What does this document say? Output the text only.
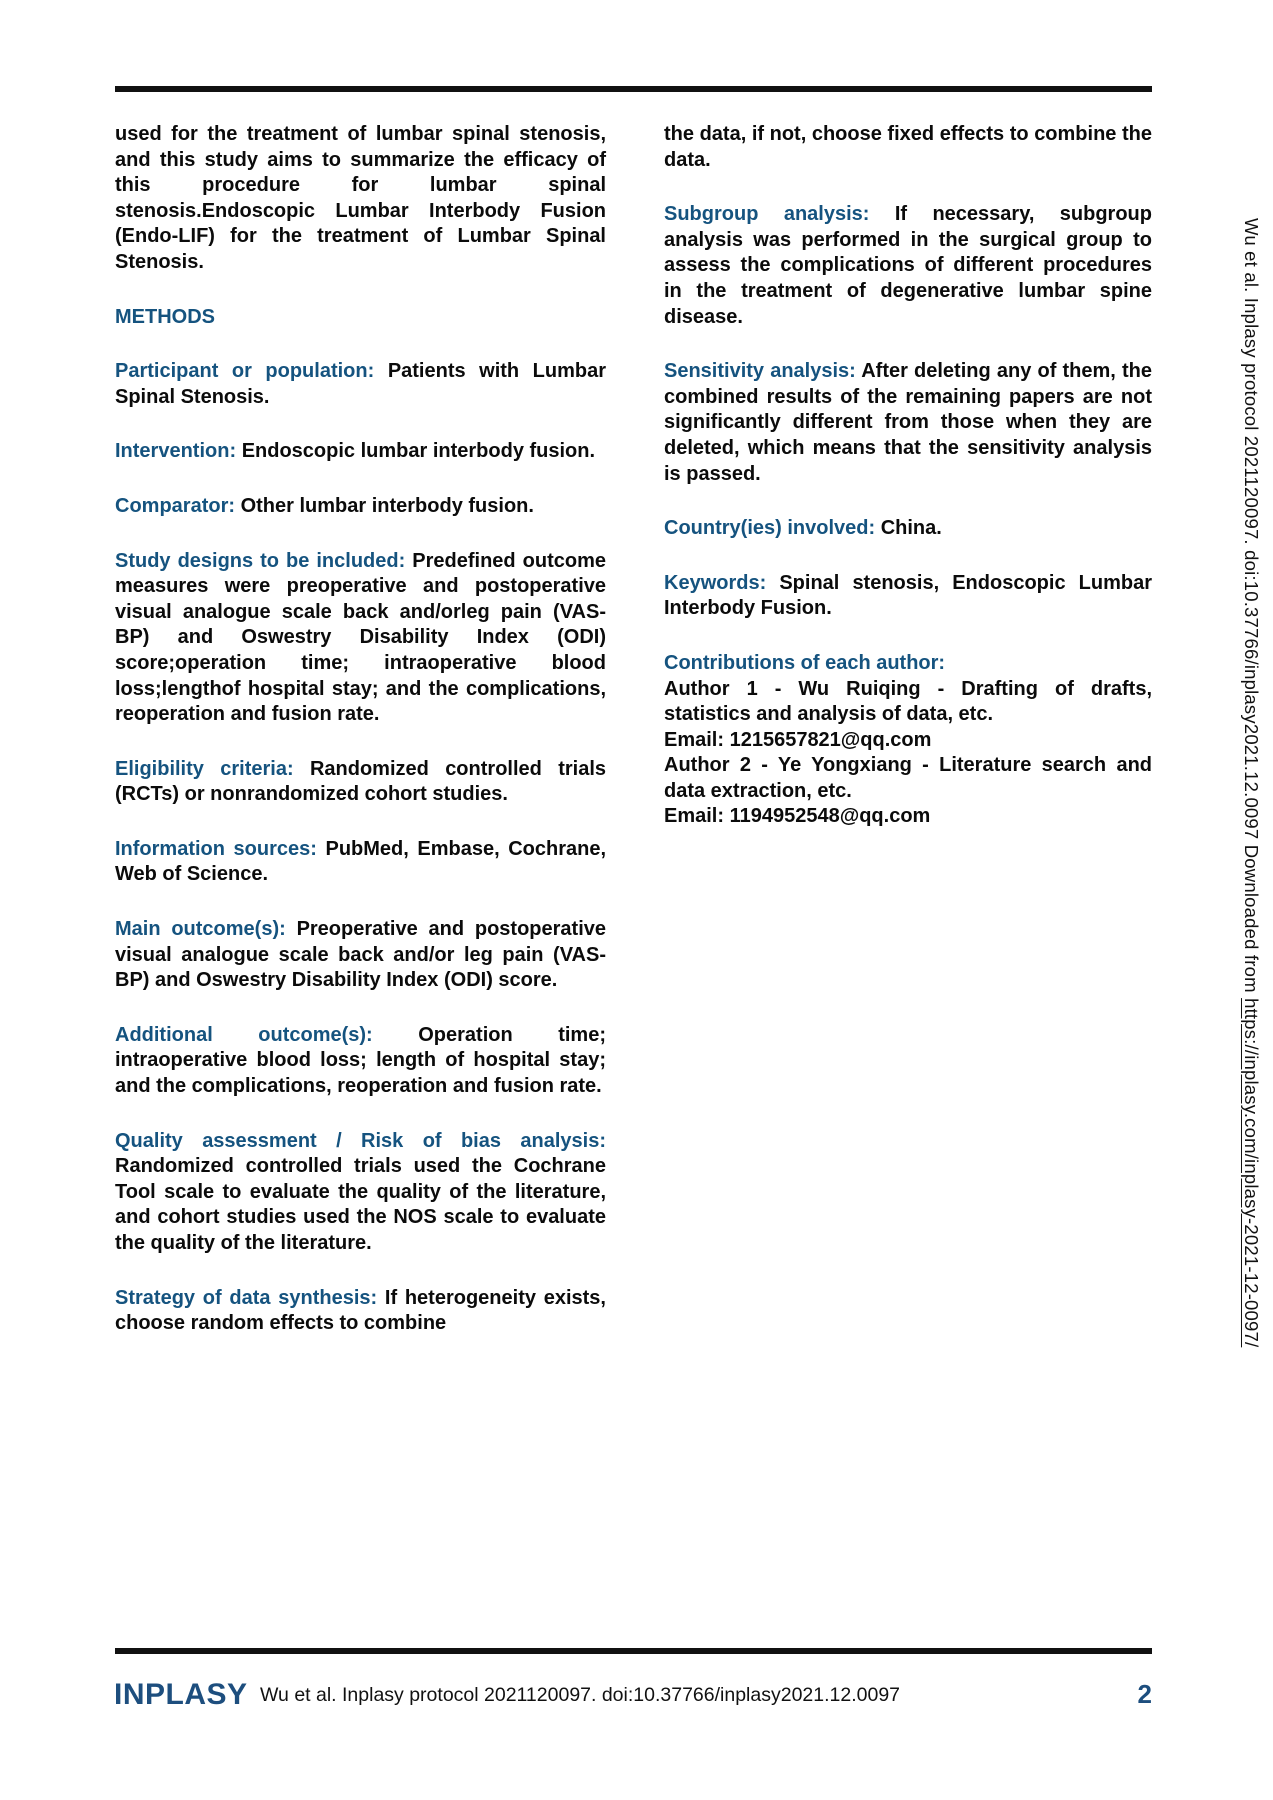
used for the treatment of lumbar spinal stenosis, and this study aims to summarize the efficacy of this procedure for lumbar spinal stenosis.Endoscopic Lumbar Interbody Fusion (Endo-LIF) for the treatment of Lumbar Spinal Stenosis.

METHODS

Participant or population: Patients with Lumbar Spinal Stenosis.

Intervention: Endoscopic lumbar interbody fusion.

Comparator: Other lumbar interbody fusion.

Study designs to be included: Predefined outcome measures were preoperative and postoperative visual analogue scale back and/orleg pain (VAS-BP) and Oswestry Disability Index (ODI) score;operation time; intraoperative blood loss;lengthof hospital stay; and the complications, reoperation and fusion rate.

Eligibility criteria: Randomized controlled trials (RCTs) or nonrandomized cohort studies.

Information sources: PubMed, Embase, Cochrane, Web of Science.

Main outcome(s): Preoperative and postoperative visual analogue scale back and/or leg pain (VAS-BP) and Oswestry Disability Index (ODI) score.

Additional outcome(s): Operation time; intraoperative blood loss; length of hospital stay; and the complications, reoperation and fusion rate.

Quality assessment / Risk of bias analysis: Randomized controlled trials used the Cochrane Tool scale to evaluate the quality of the literature, and cohort studies used the NOS scale to evaluate the quality of the literature.

Strategy of data synthesis: If heterogeneity exists, choose random effects to combine

the data, if not, choose fixed effects to combine the data.

Subgroup analysis: If necessary, subgroup analysis was performed in the surgical group to assess the complications of different procedures in the treatment of degenerative lumbar spine disease.

Sensitivity analysis: After deleting any of them, the combined results of the remaining papers are not significantly different from those when they are deleted, which means that the sensitivity analysis is passed.

Country(ies) involved: China.

Keywords: Spinal stenosis, Endoscopic Lumbar Interbody Fusion.

Contributions of each author:
Author 1 - Wu Ruiqing - Drafting of drafts, statistics and analysis of data, etc.
Email: 1215657821@qq.com
Author 2 - Ye Yongxiang - Literature search and data extraction, etc.
Email: 1194952548@qq.com	Wu et al. Inplasy protocol 2021120097. doi:10.37766/inplasy2021.12.0097 Downloaded from https://inplasy.com/inplasy-2021-12-0097/
INPLASY Wu et al. Inplasy protocol 2021120097. doi:10.37766/inplasy2021.12.0097	2
